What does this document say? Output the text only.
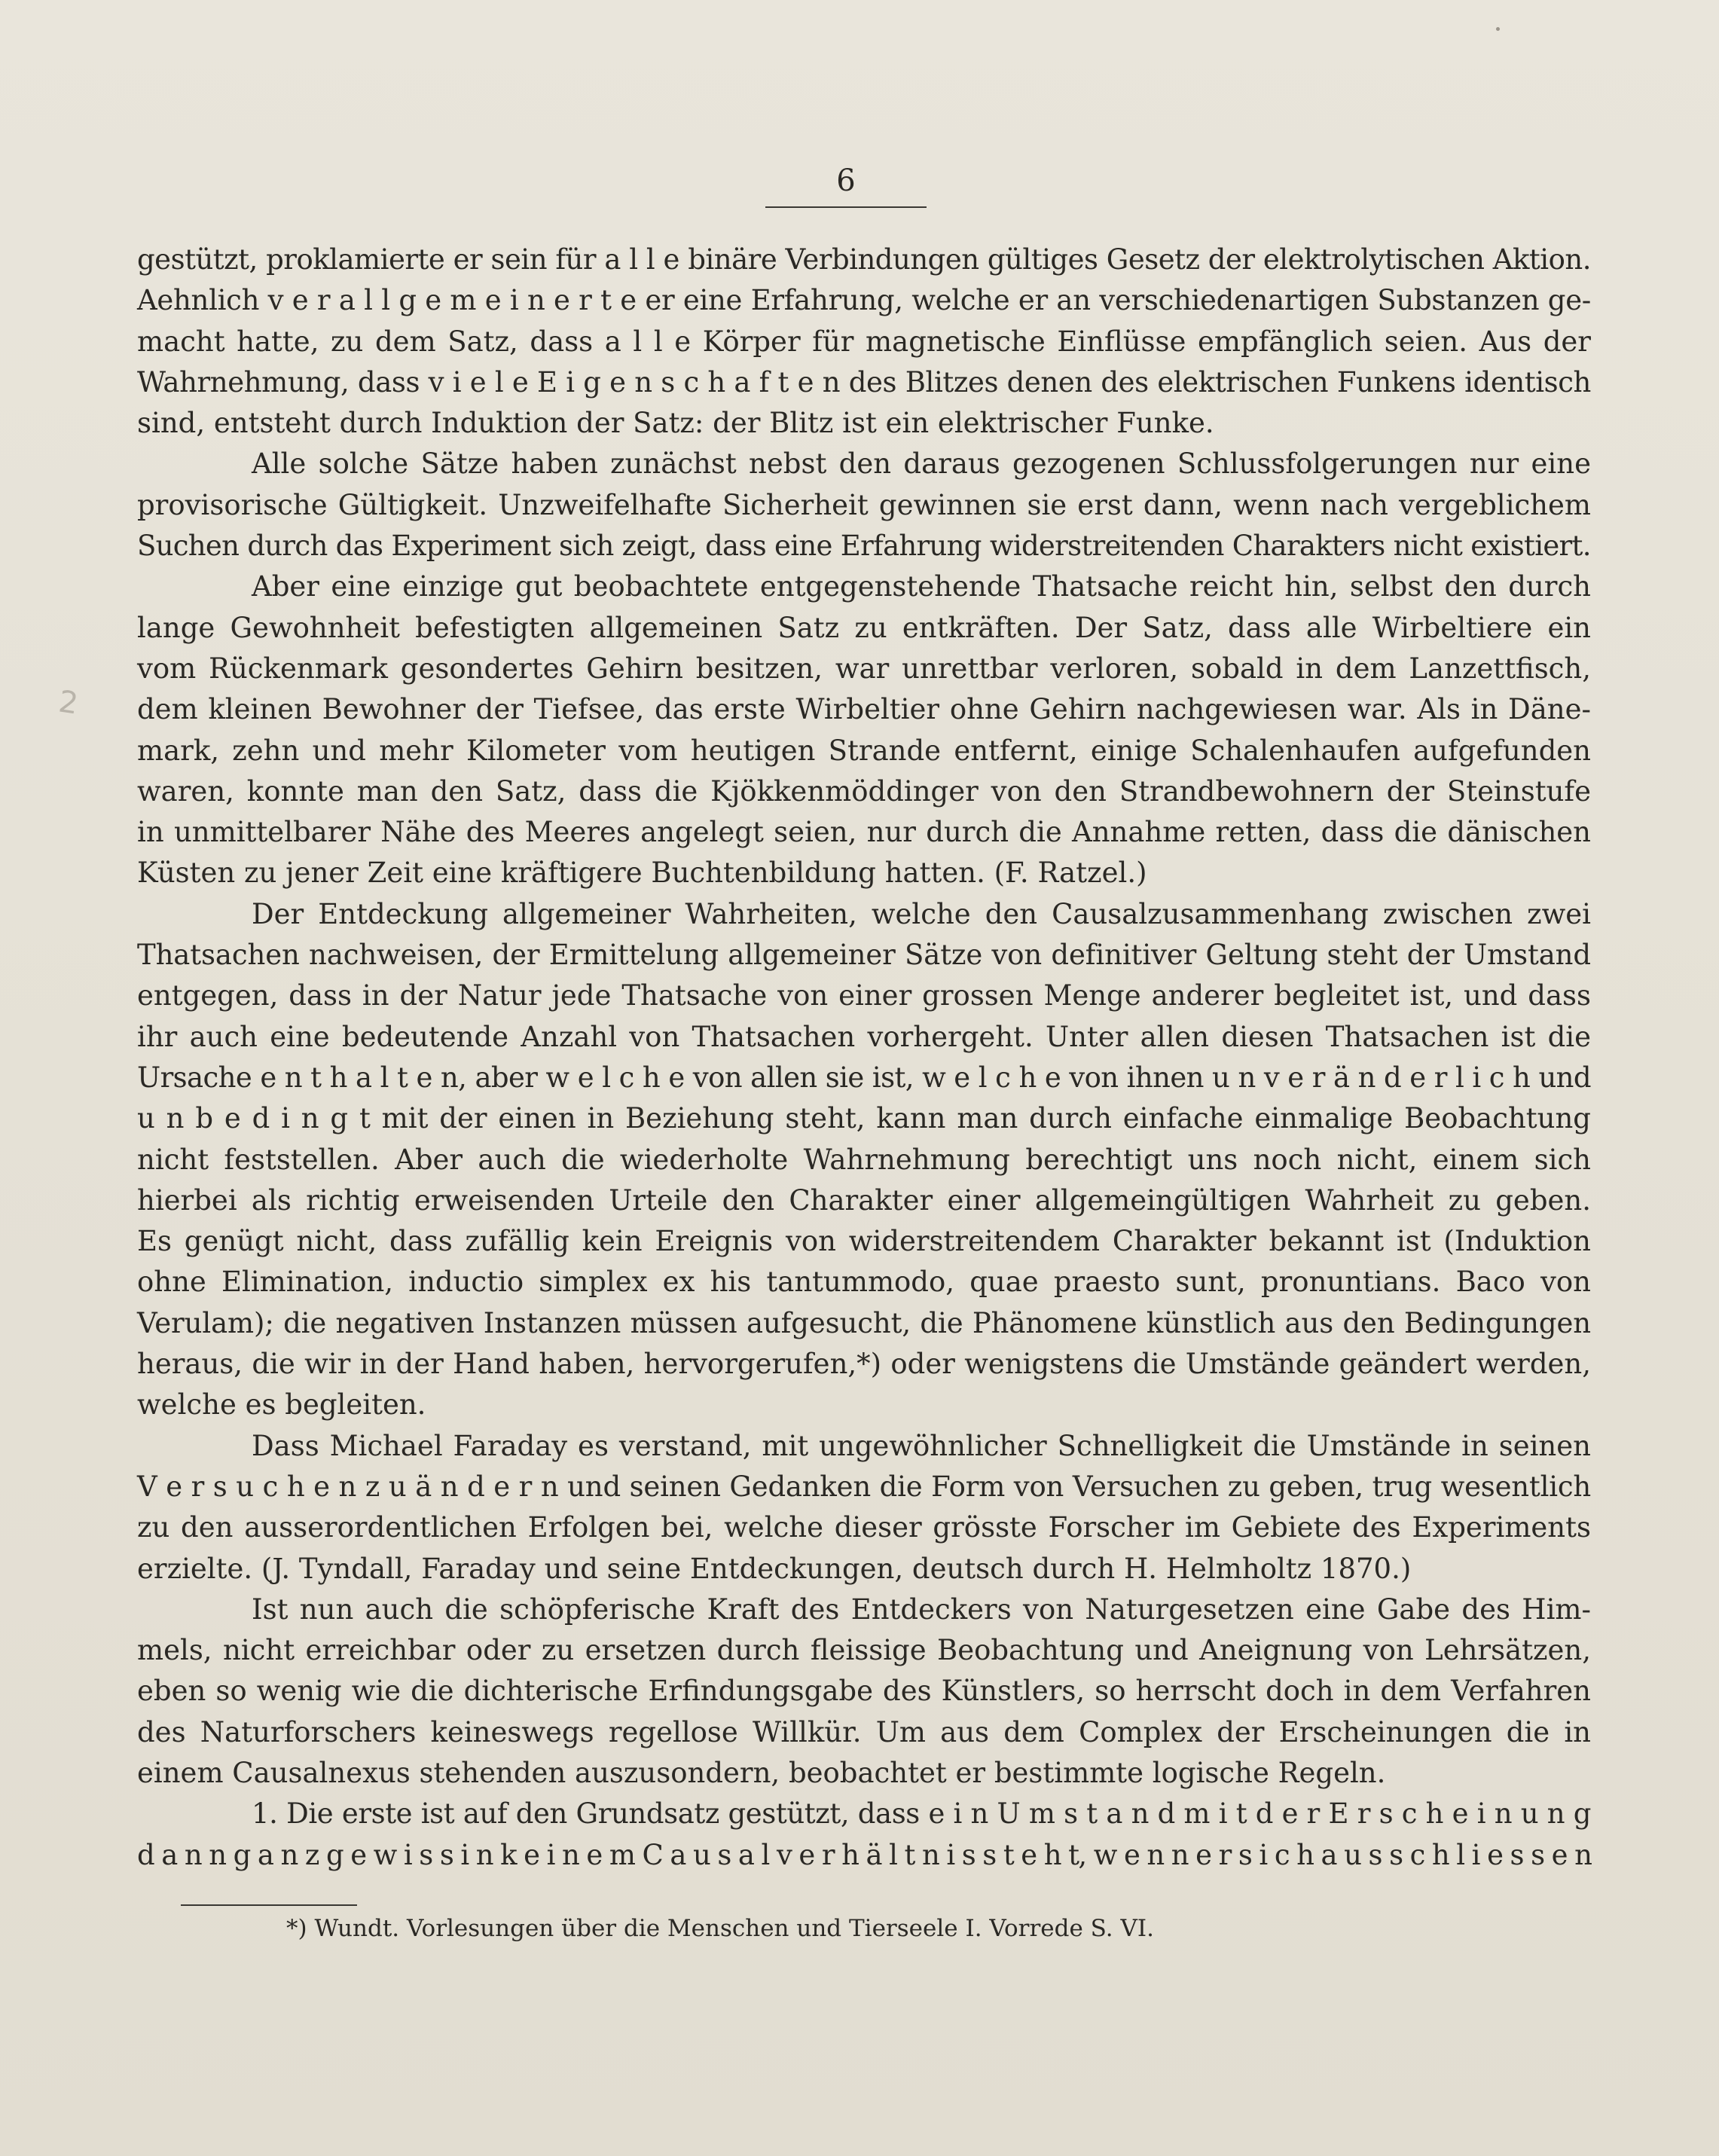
6
2
gestützt, proklamierte er sein für a l l e binäre Verbindungen gültiges Gesetz der elektrolytischen Aktion.
Aehnlich v e r a l l g e m e i n e r t e er eine Erfahrung, welche er an verschiedenartigen Substanzen ge-
macht hatte, zu dem Satz, dass a l l e Körper für magnetische Einflüsse empfänglich seien. Aus der
Wahrnehmung, dass v i e l e E i g e n s c h a f t e n des Blitzes denen des elektrischen Funkens identisch
sind, entsteht durch Induktion der Satz: der Blitz ist ein elektrischer Funke.
Alle solche Sätze haben zunächst nebst den daraus gezogenen Schlussfolgerungen nur eine
provisorische Gültigkeit. Unzweifelhafte Sicherheit gewinnen sie erst dann, wenn nach vergeblichem
Suchen durch das Experiment sich zeigt, dass eine Erfahrung widerstreitenden Charakters nicht existiert.
Aber eine einzige gut beobachtete entgegenstehende Thatsache reicht hin, selbst den durch
lange Gewohnheit befestigten allgemeinen Satz zu entkräften. Der Satz, dass alle Wirbeltiere ein
vom Rückenmark gesondertes Gehirn besitzen, war unrettbar verloren, sobald in dem Lanzettfisch,
dem kleinen Bewohner der Tiefsee, das erste Wirbeltier ohne Gehirn nachgewiesen war. Als in Däne-
mark, zehn und mehr Kilometer vom heutigen Strande entfernt, einige Schalenhaufen aufgefunden
waren, konnte man den Satz, dass die Kjökkenmöddinger von den Strandbewohnern der Steinstufe
in unmittelbarer Nähe des Meeres angelegt seien, nur durch die Annahme retten, dass die dänischen
Küsten zu jener Zeit eine kräftigere Buchtenbildung hatten. (F. Ratzel.)
Der Entdeckung allgemeiner Wahrheiten, welche den Causalzusammenhang zwischen zwei
Thatsachen nachweisen, der Ermittelung allgemeiner Sätze von definitiver Geltung steht der Umstand
entgegen, dass in der Natur jede Thatsache von einer grossen Menge anderer begleitet ist, und dass
ihr auch eine bedeutende Anzahl von Thatsachen vorhergeht. Unter allen diesen Thatsachen ist die
Ursache e n t h a l t e n, aber w e l c h e von allen sie ist, w e l c h e von ihnen u n v e r ä n d e r l i c h und
u n b e d i n g t mit der einen in Beziehung steht, kann man durch einfache einmalige Beobachtung
nicht feststellen. Aber auch die wiederholte Wahrnehmung berechtigt uns noch nicht, einem sich
hierbei als richtig erweisenden Urteile den Charakter einer allgemeingültigen Wahrheit zu geben.
Es genügt nicht, dass zufällig kein Ereignis von widerstreitendem Charakter bekannt ist (Induktion
ohne Elimination, inductio simplex ex his tantummodo, quae praesto sunt, pronuntians. Baco von
Verulam); die negativen Instanzen müssen aufgesucht, die Phänomene künstlich aus den Bedingungen
heraus, die wir in der Hand haben, hervorgerufen,*) oder wenigstens die Umstände geändert werden,
welche es begleiten.
Dass Michael Faraday es verstand, mit ungewöhnlicher Schnelligkeit die Umstände in seinen
V e r s u c h e n z u ä n d e r n und seinen Gedanken die Form von Versuchen zu geben, trug wesentlich
zu den ausserordentlichen Erfolgen bei, welche dieser grösste Forscher im Gebiete des Experiments
erzielte. (J. Tyndall, Faraday und seine Entdeckungen, deutsch durch H. Helmholtz 1870.)
Ist nun auch die schöpferische Kraft des Entdeckers von Naturgesetzen eine Gabe des Him-
mels, nicht erreichbar oder zu ersetzen durch fleissige Beobachtung und Aneignung von Lehrsätzen,
eben so wenig wie die dichterische Erfindungsgabe des Künstlers, so herrscht doch in dem Verfahren
des Naturforschers keineswegs regellose Willkür. Um aus dem Complex der Erscheinungen die in
einem Causalnexus stehenden auszusondern, beobachtet er bestimmte logische Regeln.
1. Die erste ist auf den Grundsatz gestützt, dass e i n U m s t a n d m i t d e r E r s c h e i n u n g
d a n n g a n z g e w i s s i n k e i n e m C a u s a l v e r h ä l t n i s s t e h t, w e n n e r s i c h a u s s c h l i e s s e n
*) Wundt. Vorlesungen über die Menschen und Tierseele I. Vorrede S. VI.
